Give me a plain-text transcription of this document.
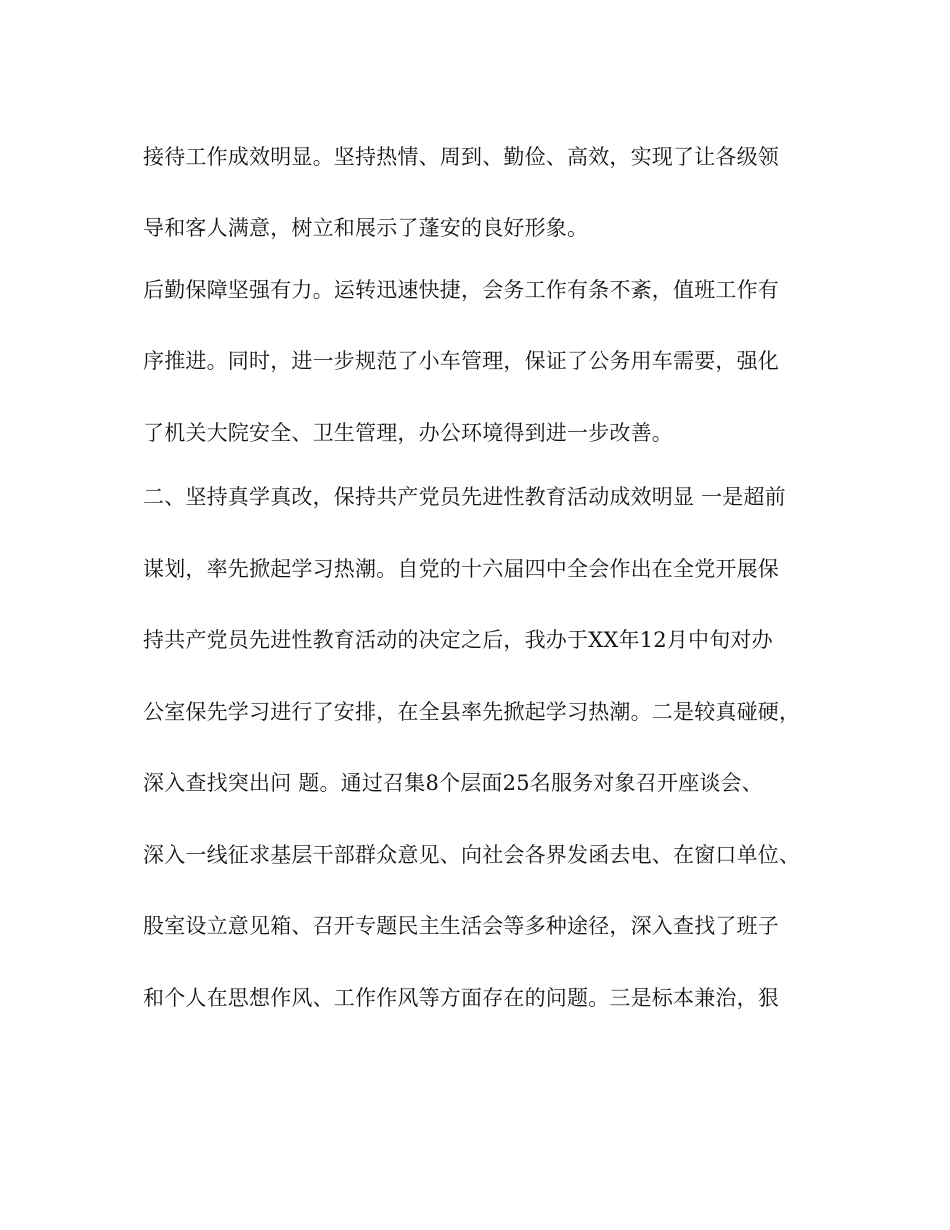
接待工作成效明显。坚持热情、周到、勤俭、高效，实现了让各级领
导和客人满意，树立和展示了蓬安的良好形象。
后勤保障坚强有力。运转迅速快捷，会务工作有条不紊，值班工作有
序推进。同时，进一步规范了小车管理，保证了公务用车需要，强化
了机关大院安全、卫生管理，办公环境得到进一步改善。
二、坚持真学真改，保持共产党员先进性教育活动成效明显 一是超前
谋划，率先掀起学习热潮。自党的十六届四中全会作出在全党开展保
持共产党员先进性教育活动的决定之后，我办于XX年12月中旬对办
公室保先学习进行了安排，在全县率先掀起学习热潮。二是较真碰硬，
深入查找突出问 题。通过召集8个层面25名服务对象召开座谈会、
深入一线征求基层干部群众意见、向社会各界发函去电、在窗口单位、
股室设立意见箱、召开专题民主生活会等多种途径，深入查找了班子
和个人在思想作风、工作作风等方面存在的问题。三是标本兼治，狠
